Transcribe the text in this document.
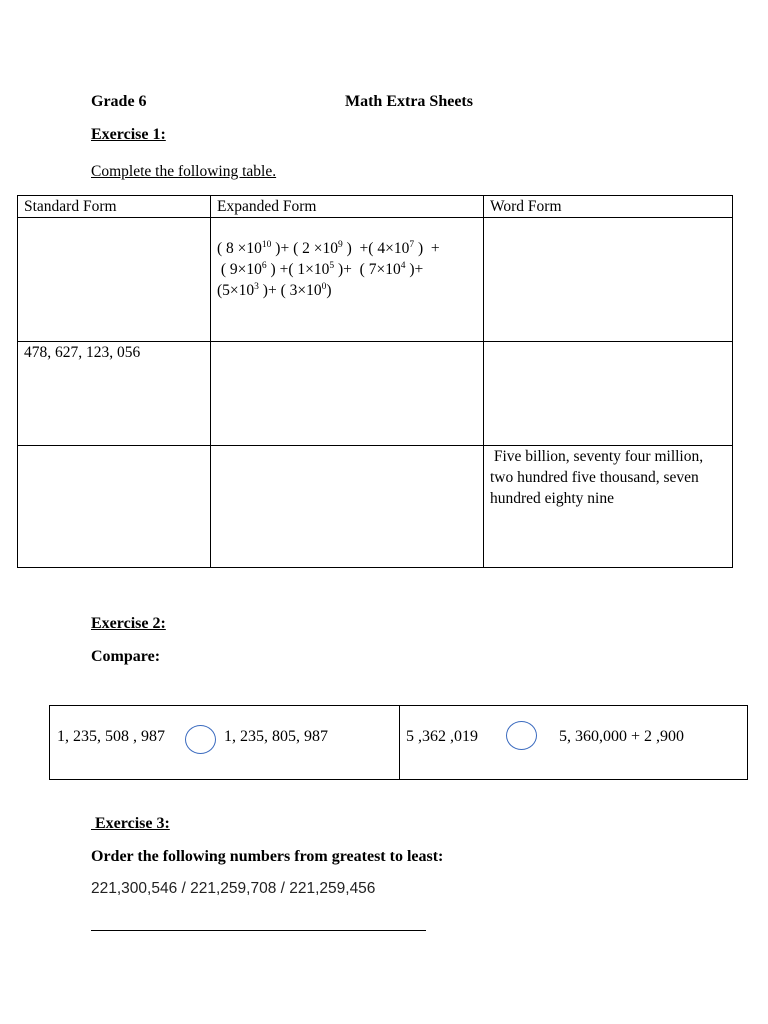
Grade 6	Math Extra Sheets
Exercise 1:
Complete the following table.
Standard Form	Expanded Form	Word Form
	( $8 \times 10^{10}$ )+ ( $2 \times 10^9$ )  +( $4\times 10^7$ )  +
( $9\times 10^6$ ) +( $1\times 10^5$ )+  ( $7\times 10^4$ )+
($5\times 10^3$ )+ ( $3\times 10^0$)	
478, 627, 123, 056		
		Five billion, seventy four million, two hundred five thousand, seven hundred eighty nine
Exercise 2:
Compare:
1, 235, 508 , 987	1, 235, 805, 987	5 ,362 ,019	5, 360,000 + 2 ,900
Exercise 3:
Order the following numbers from greatest to least:
221,300,546 / 221,259,708 / 221,259,456
